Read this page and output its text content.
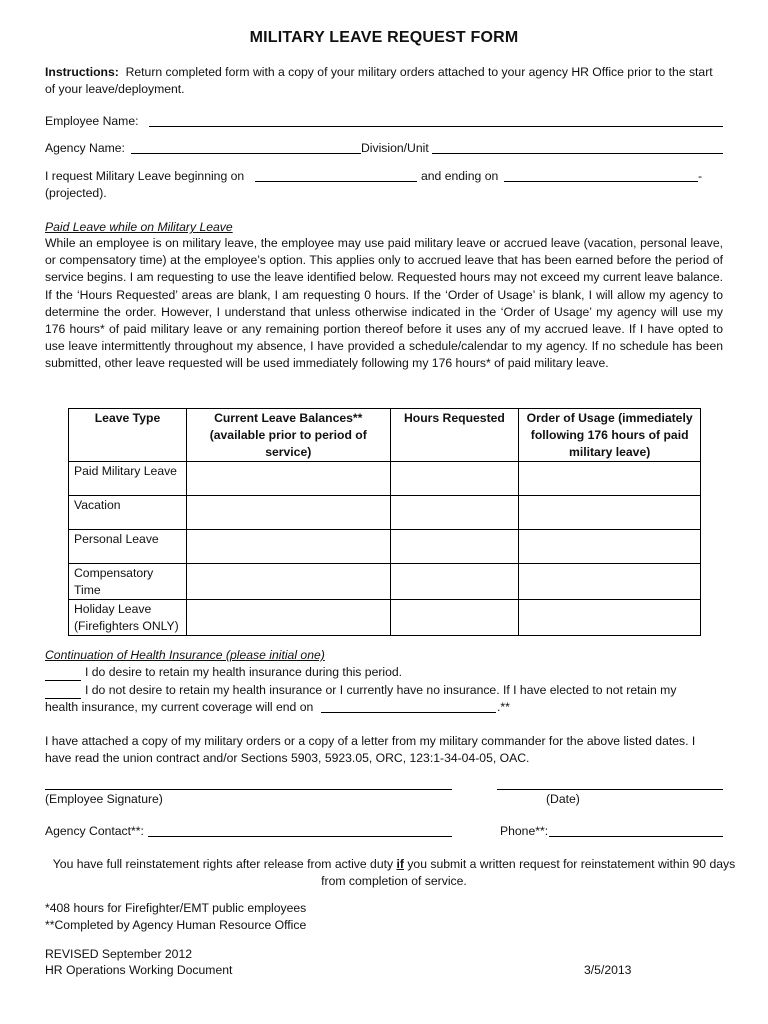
MILITARY LEAVE REQUEST FORM
Instructions: Return completed form with a copy of your military orders attached to your agency HR Office prior to the start of your leave/deployment.
Employee Name:
Agency Name:	Division/Unit
I request Military Leave beginning on	and ending on	-
(projected).
Paid Leave while on Military Leave
While an employee is on military leave, the employee may use paid military leave or accrued leave (vacation, personal leave, or compensatory time) at the employee’s option. This applies only to accrued leave that has been earned before the period of service begins. I am requesting to use the leave identified below. Requested hours may not exceed my current leave balance. If the ‘Hours Requested’ areas are blank, I am requesting 0 hours. If the ‘Order of Usage’ is blank, I will allow my agency to determine the order. However, I understand that unless otherwise indicated in the ‘Order of Usage’ my agency will use my 176 hours* of paid military leave or any remaining portion thereof before it uses any of my accrued leave. If I have opted to use leave intermittently throughout my absence, I have provided a schedule/calendar to my agency. If no schedule has been submitted, other leave requested will be used immediately following my 176 hours* of paid military leave.
Leave Type	Current Leave Balances** (available prior to period of service)	Hours Requested	Order of Usage (immediately following 176 hours of paid military leave)
Paid Military Leave			
Vacation			
Personal Leave			
Compensatory Time			
Holiday Leave (Firefighters ONLY)			
Continuation of Health Insurance (please initial one)
I do desire to retain my health insurance during this period.
I do not desire to retain my health insurance or I currently have no insurance. If I have elected to not retain my
health insurance, my current coverage will end on	.**
I have attached a copy of my military orders or a copy of a letter from my military commander for the above listed dates. I have read the union contract and/or Sections 5903, 5923.05, ORC, 123:1-34-04-05, OAC.
(Employee Signature)	(Date)
Agency Contact**:	Phone**:
You have full reinstatement rights after release from active duty if you submit a written request for reinstatement within 90 days from completion of service.
*408 hours for Firefighter/EMT public employees
**Completed by Agency Human Resource Office
REVISED September 2012
HR Operations Working Document	3/5/2013
